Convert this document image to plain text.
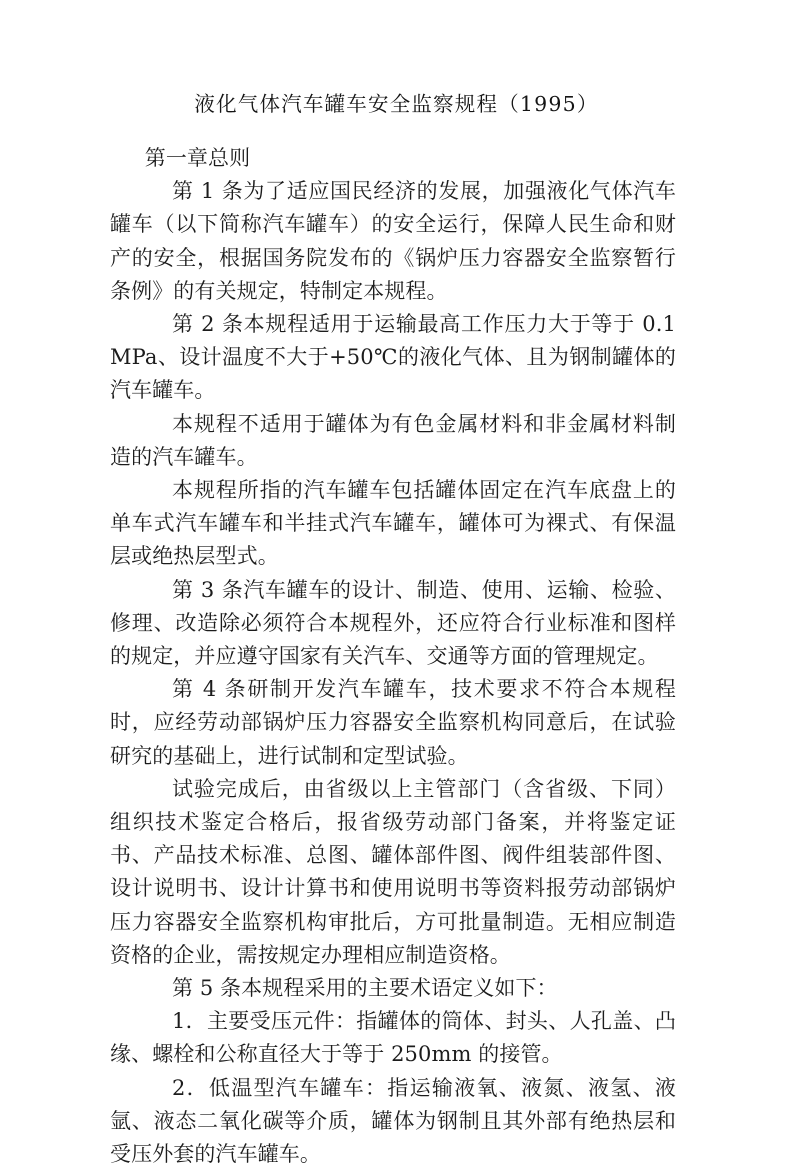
液化气体汽车罐车安全监察规程（1995）

第一章总则

第 1 条为了适应国民经济的发展，加强液化气体汽车罐车（以下简称汽车罐车）的安全运行，保障人民生命和财产的安全，根据国务院发布的《锅炉压力容器安全监察暂行条例》的有关规定，特制定本规程。

第 2 条本规程适用于运输最高工作压力大于等于 0.1MPa、设计温度不大于+50℃的液化气体、且为钢制罐体的汽车罐车。

本规程不适用于罐体为有色金属材料和非金属材料制造的汽车罐车。

本规程所指的汽车罐车包括罐体固定在汽车底盘上的单车式汽车罐车和半挂式汽车罐车，罐体可为裸式、有保温层或绝热层型式。

第 3 条汽车罐车的设计、制造、使用、运输、检验、修理、改造除必须符合本规程外，还应符合行业标准和图样的规定，并应遵守国家有关汽车、交通等方面的管理规定。

第 4 条研制开发汽车罐车，技术要求不符合本规程时，应经劳动部锅炉压力容器安全监察机构同意后，在试验研究的基础上，进行试制和定型试验。

试验完成后，由省级以上主管部门（含省级、下同）组织技术鉴定合格后，报省级劳动部门备案，并将鉴定证书、产品技术标准、总图、罐体部件图、阀件组装部件图、设计说明书、设计计算书和使用说明书等资料报劳动部锅炉压力容器安全监察机构审批后，方可批量制造。无相应制造资格的企业，需按规定办理相应制造资格。

第 5 条本规程采用的主要术语定义如下：

1．主要受压元件：指罐体的筒体、封头、人孔盖、凸缘、螺栓和公称直径大于等于 250mm 的接管。

2．低温型汽车罐车：指运输液氧、液氮、液氢、液氩、液态二氧化碳等介质，罐体为钢制且其外部有绝热层和受压外套的汽车罐车。
